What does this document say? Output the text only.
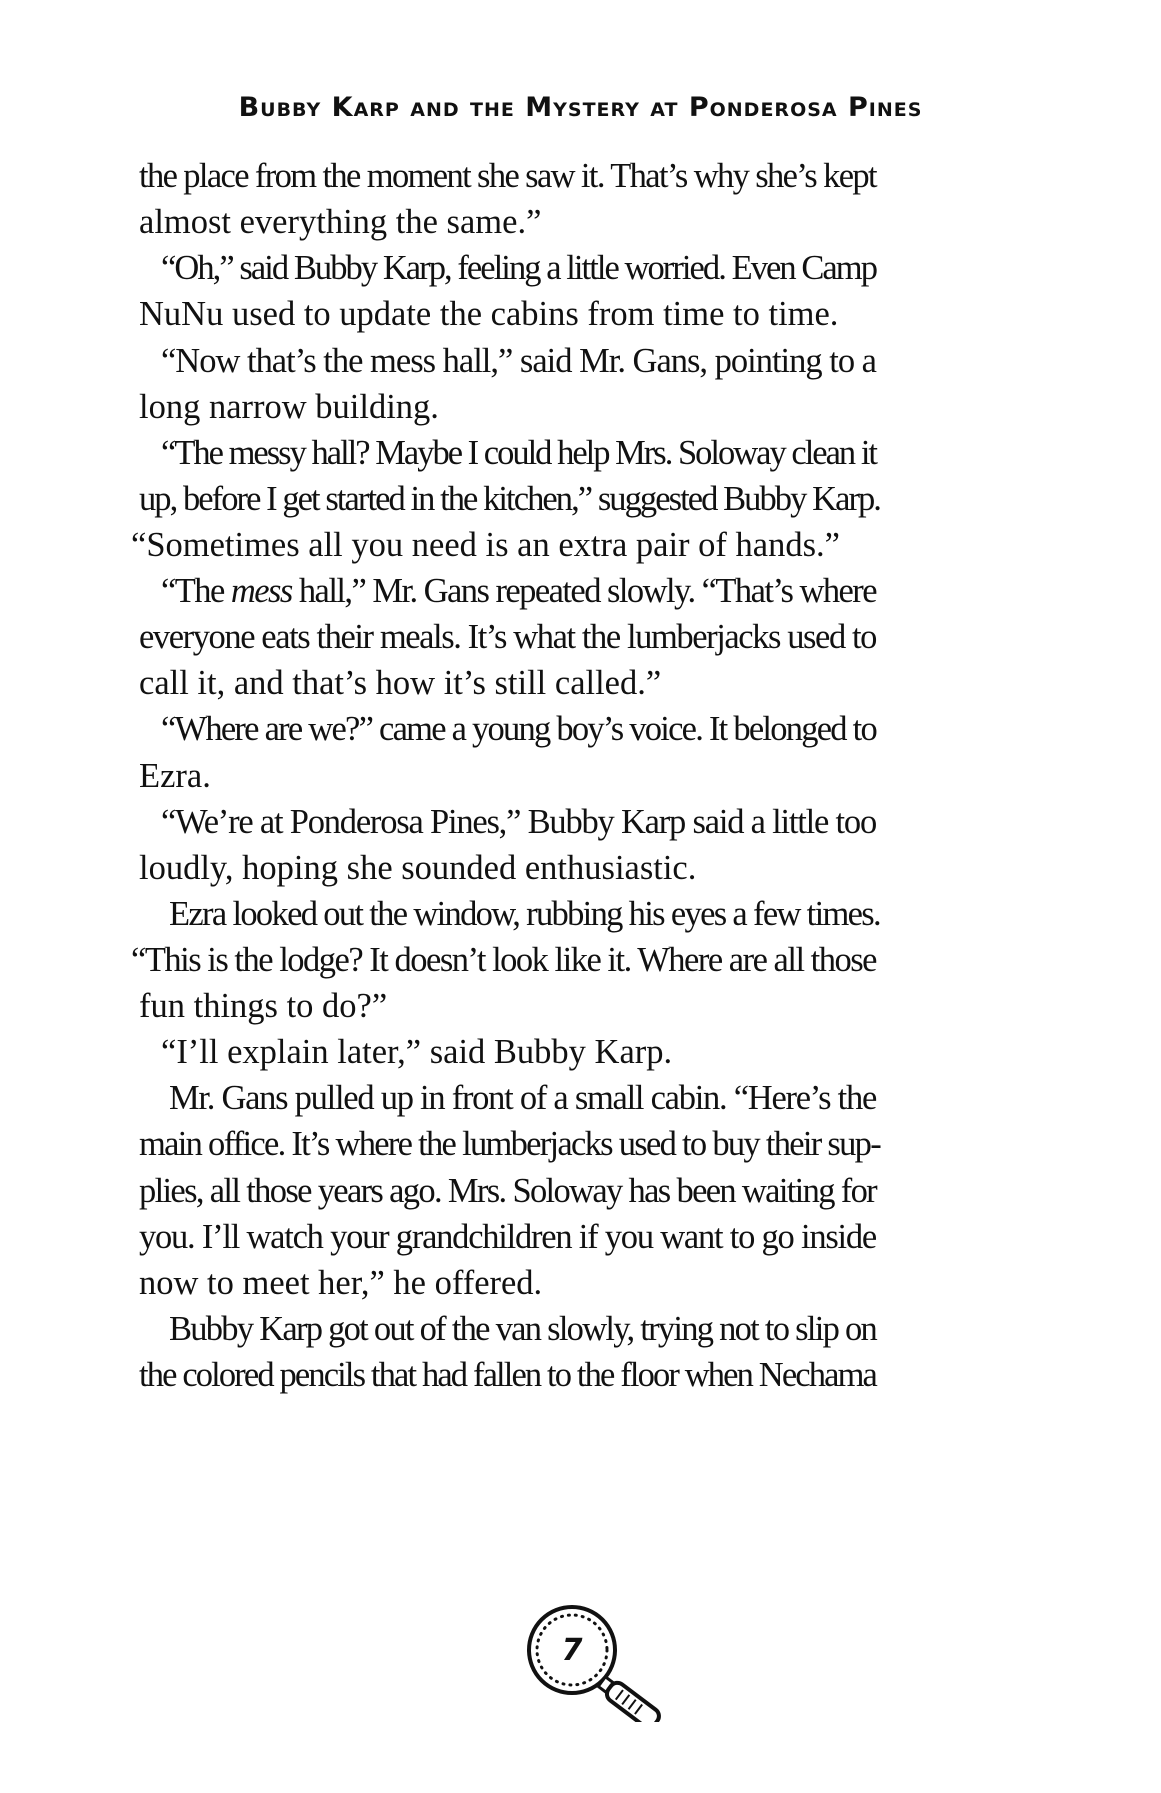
Bubby Karp and the Mystery at Ponderosa Pines
the place from the moment she saw it. That’s why she’s kept
almost everything the same.”
“Oh,” said Bubby Karp, feeling a little worried. Even Camp
NuNu used to update the cabins from time to time.
“Now that’s the mess hall,” said Mr. Gans, pointing to a
long narrow building.
“The messy hall? Maybe I could help Mrs. Soloway clean it
up, before I get started in the kitchen,” suggested Bubby Karp.
“Sometimes all you need is an extra pair of hands.”
“The mess hall,” Mr. Gans repeated slowly. “That’s where
everyone eats their meals. It’s what the lumberjacks used to
call it, and that’s how it’s still called.”
“Where are we?” came a young boy’s voice. It belonged to
Ezra.
“We’re at Ponderosa Pines,” Bubby Karp said a little too
loudly, hoping she sounded enthusiastic.
Ezra looked out the window, rubbing his eyes a few times.
“This is the lodge? It doesn’t look like it. Where are all those
fun things to do?”
“I’ll explain later,” said Bubby Karp.
Mr. Gans pulled up in front of a small cabin. “Here’s the
main office. It’s where the lumberjacks used to buy their sup-
plies, all those years ago. Mrs. Soloway has been waiting for
you. I’ll watch your grandchildren if you want to go inside
now to meet her,” he offered.
Bubby Karp got out of the van slowly, trying not to slip on
the colored pencils that had fallen to the floor when Nechama
7
